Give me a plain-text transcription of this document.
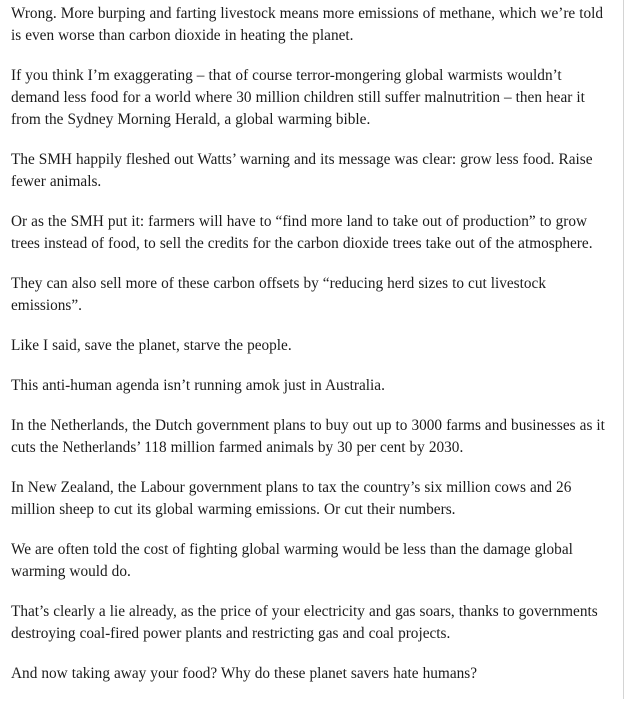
Wrong. More burping and farting livestock means more emissions of methane, which we’re told is even worse than carbon dioxide in heating the planet.

If you think I’m exaggerating – that of course terror-mongering global warmists wouldn’t demand less food for a world where 30 million children still suffer malnutrition – then hear it from the Sydney Morning Herald, a global warming bible.

The SMH happily fleshed out Watts’ warning and its message was clear: grow less food. Raise fewer animals.

Or as the SMH put it: farmers will have to “find more land to take out of production” to grow trees instead of food, to sell the credits for the carbon dioxide trees take out of the atmosphere.

They can also sell more of these carbon offsets by “reducing herd sizes to cut livestock emissions”.

Like I said, save the planet, starve the people.

This anti-human agenda isn’t running amok just in Australia.

In the Netherlands, the Dutch government plans to buy out up to 3000 farms and businesses as it cuts the Netherlands’ 118 million farmed animals by 30 per cent by 2030.

In New Zealand, the Labour government plans to tax the country’s six million cows and 26 million sheep to cut its global warming emissions. Or cut their numbers.

We are often told the cost of fighting global warming would be less than the damage global warming would do.

That’s clearly a lie already, as the price of your electricity and gas soars, thanks to governments destroying coal-fired power plants and restricting gas and coal projects.

And now taking away your food? Why do these planet savers hate humans?
